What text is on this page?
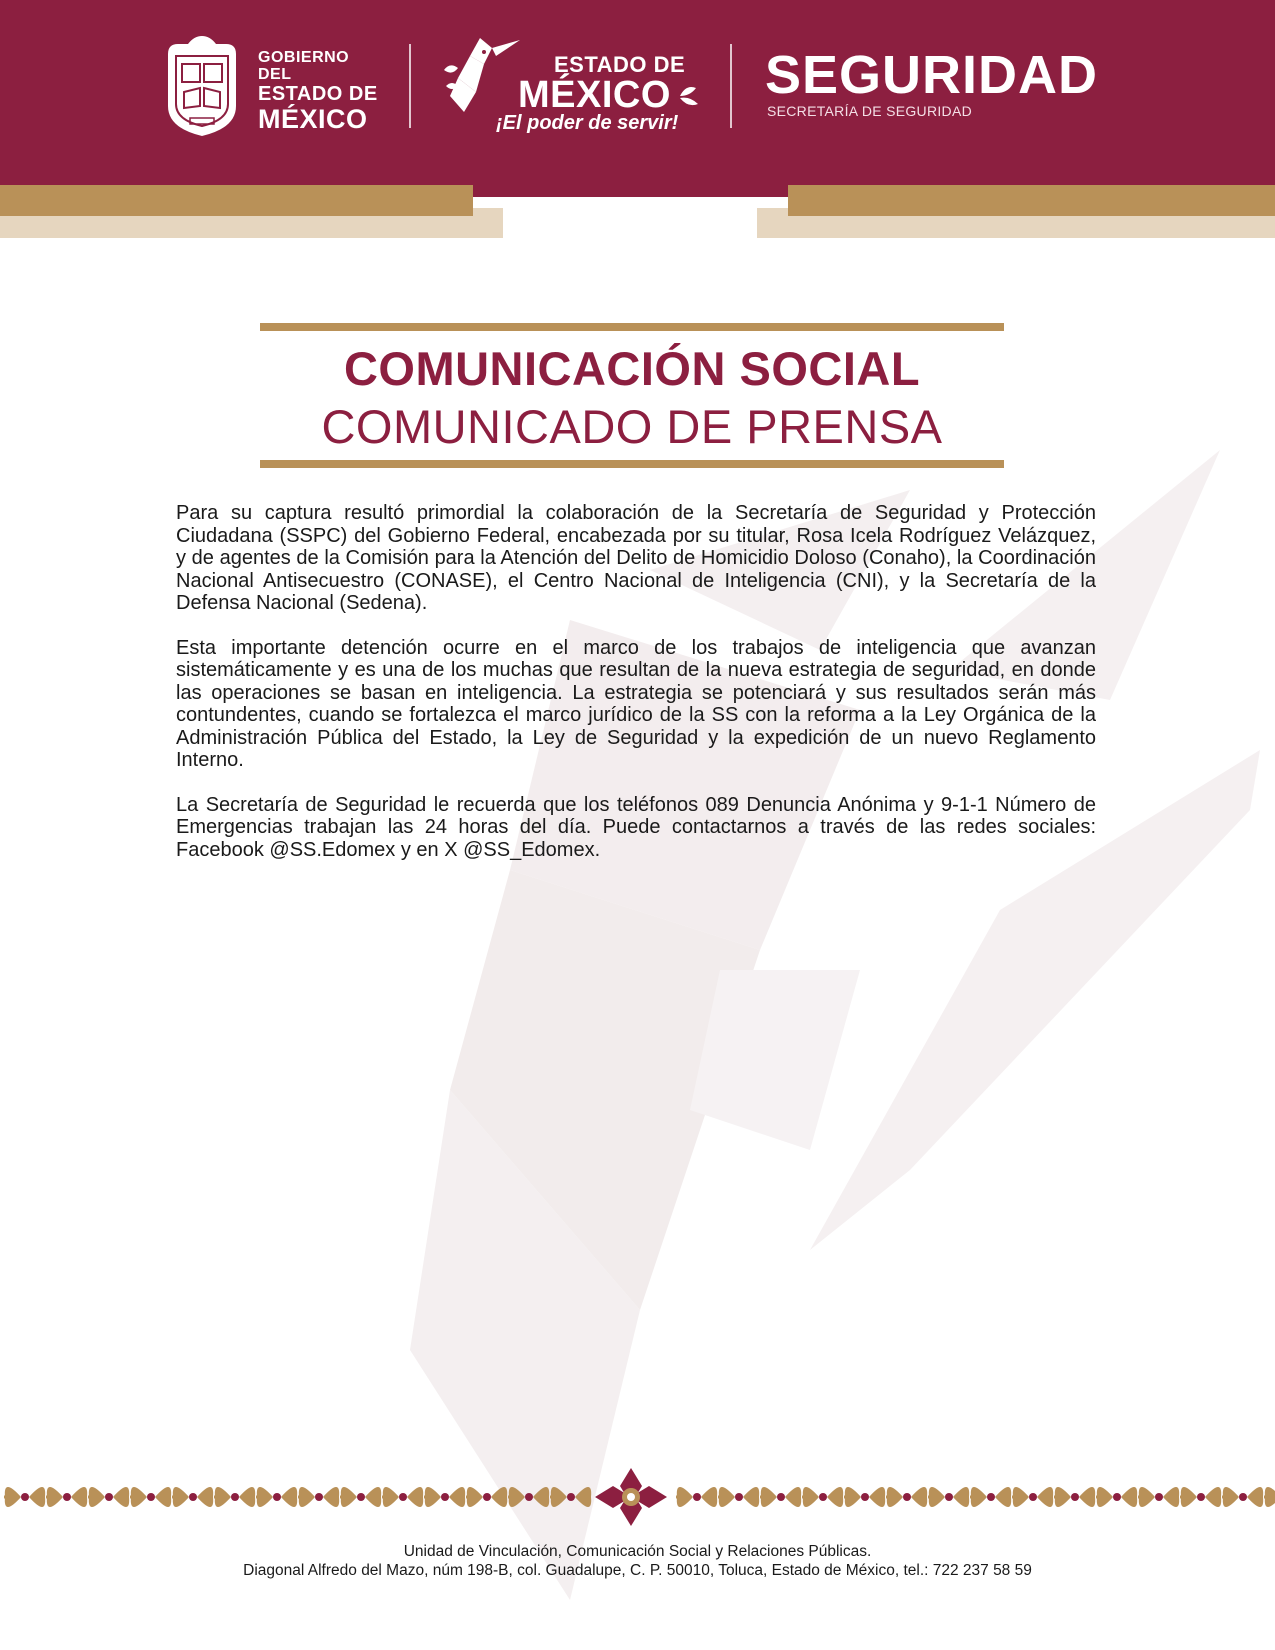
GOBIERNO DEL
ESTADO DE
MÉXICO
ESTADO DE
MÉXICO
¡El poder de servir!
SEGURIDAD
SECRETARÍA DE SEGURIDAD
COMUNICACIÓN SOCIAL
COMUNICADO DE PRENSA

Para su captura resultó primordial la colaboración de la Secretaría de Seguridad y Protección Ciudadana (SSPC) del Gobierno Federal, encabezada por su titular, Rosa Icela Rodríguez Velázquez, y de agentes de la Comisión para la Atención del Delito de Homicidio Doloso (Conaho), la Coordinación Nacional Antisecuestro (CONASE), el Centro Nacional de Inteligencia (CNI), y la Secretaría de la Defensa Nacional (Sedena).

Esta importante detención ocurre en el marco de los trabajos de inteligencia que avanzan sistemáticamente y es una de los muchas que resultan de la nueva estrategia de seguridad, en donde las operaciones se basan en inteligencia. La estrategia se potenciará y sus resultados serán más contundentes, cuando se fortalezca el marco jurídico de la SS con la reforma a la Ley Orgánica de la Administración Pública del Estado, la Ley de Seguridad y la expedición de un nuevo Reglamento Interno.

La Secretaría de Seguridad le recuerda que los teléfonos 089 Denuncia Anónima y 9-1-1 Número de Emergencias trabajan las 24 horas del día. Puede contactarnos a través de las redes sociales: Facebook @SS.Edomex y en X @SS_Edomex.

Unidad de Vinculación, Comunicación Social y Relaciones Públicas.
Diagonal Alfredo del Mazo, núm 198-B, col. Guadalupe, C. P. 50010, Toluca, Estado de México, tel.: 722 237 58 59
